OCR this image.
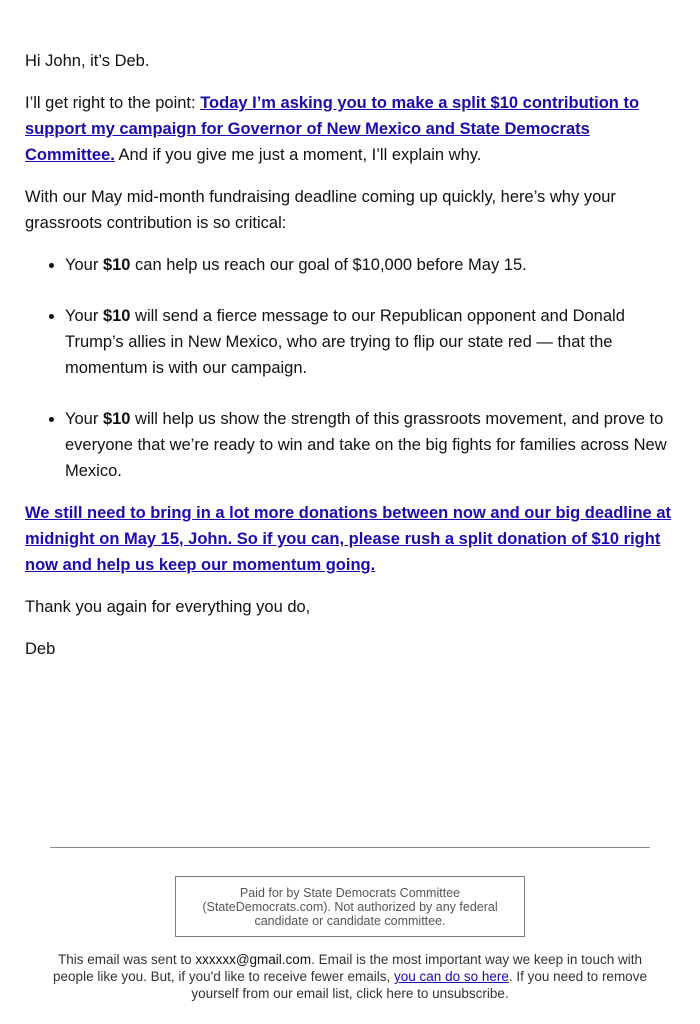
Hi John, it’s Deb.

I’ll get right to the point: Today I’m asking you to make a split $10 contribution to support my campaign for Governor of New Mexico and State Democrats Committee. And if you give me just a moment, I’ll explain why.

With our May mid-month fundraising deadline coming up quickly, here’s why your grassroots contribution is so critical:

• Your $10 can help us reach our goal of $10,000 before May 15.
• Your $10 will send a fierce message to our Republican opponent and Donald Trump’s allies in New Mexico, who are trying to flip our state red — that the momentum is with our campaign.
• Your $10 will help us show the strength of this grassroots movement, and prove to everyone that we’re ready to win and take on the big fights for families across New Mexico.

We still need to bring in a lot more donations between now and our big deadline at midnight on May 15, John. So if you can, please rush a split donation of $10 right now and help us keep our momentum going.

Thank you again for everything you do,

Deb

Paid for by State Democrats Committee (StateDemocrats.com). Not authorized by any federal candidate or candidate committee.
This email was sent to xxxxxx@gmail.com. Email is the most important way we keep in touch with people like you. But, if you'd like to receive fewer emails, you can do so here. If you need to remove yourself from our email list, click here to unsubscribe.
